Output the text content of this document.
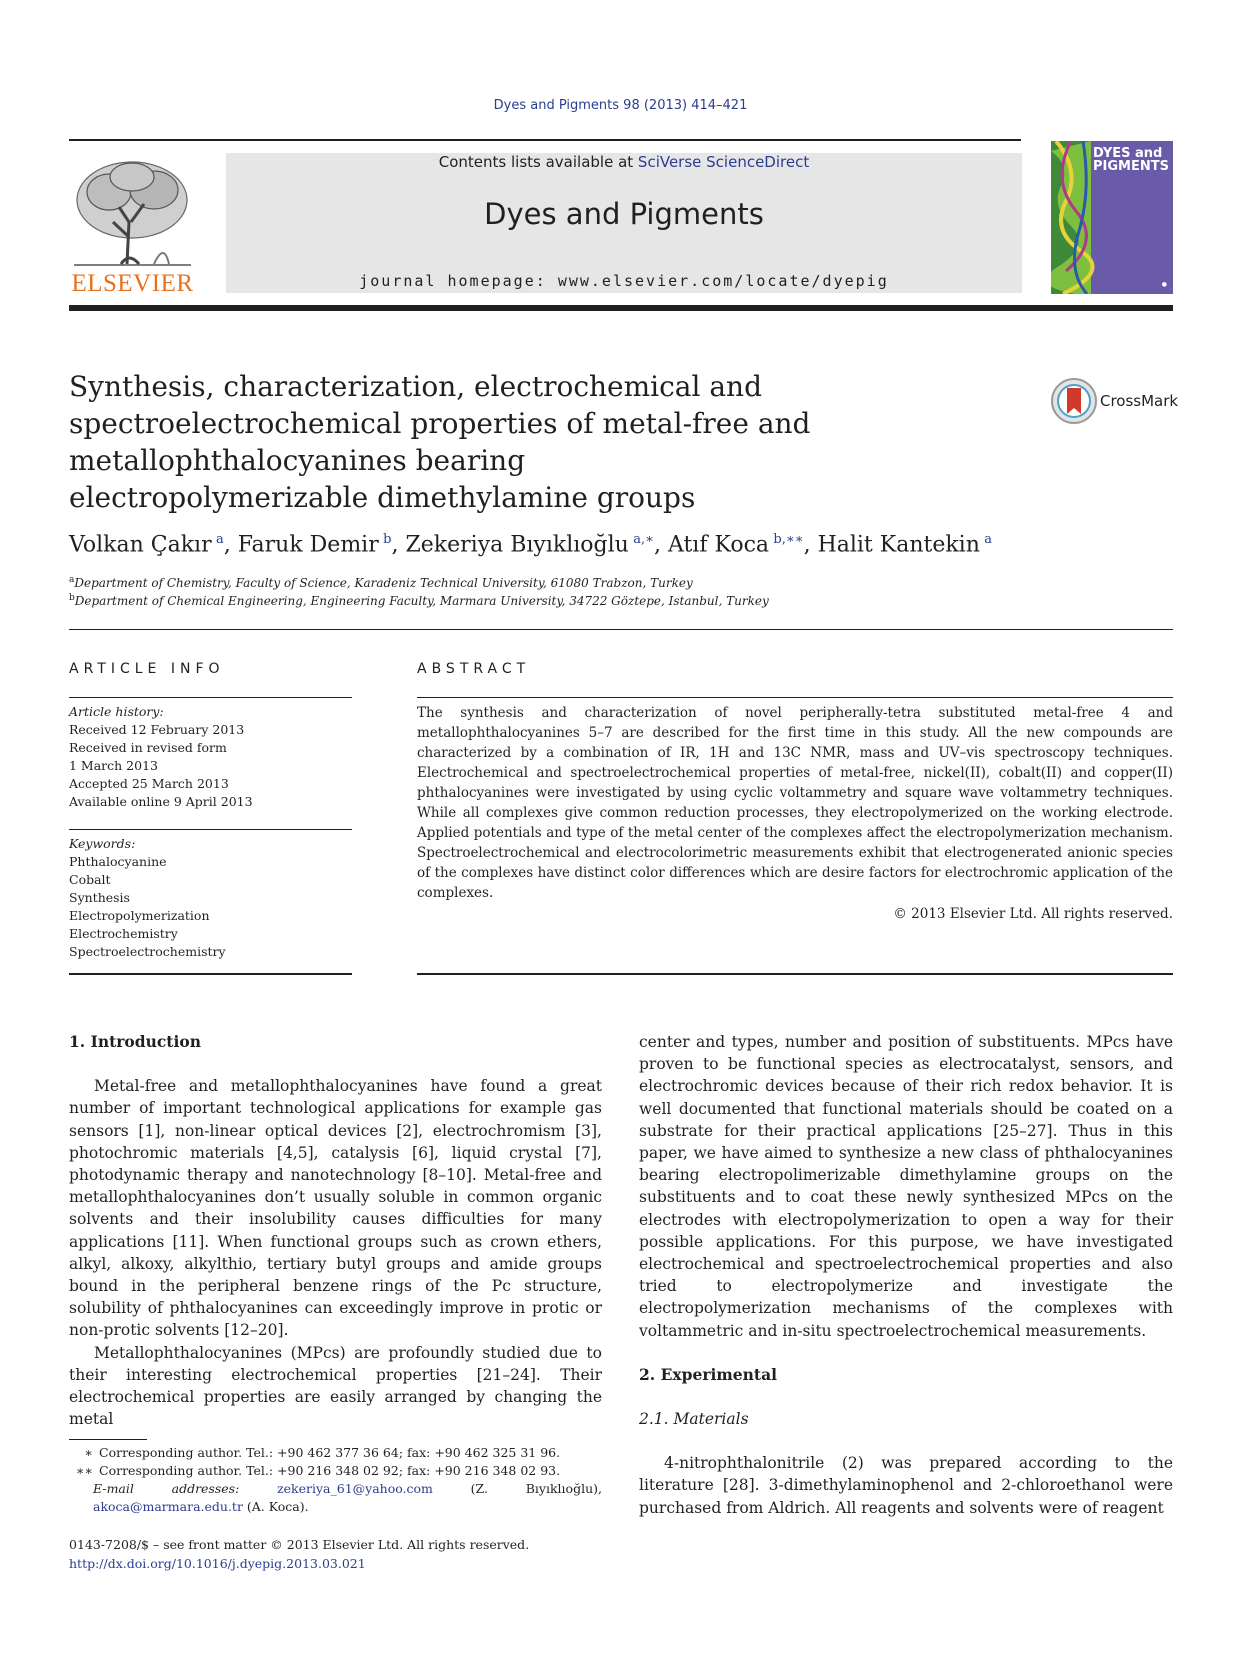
Dyes and Pigments 98 (2013) 414–421
ELSEVIER
Contents lists available at SciVerse ScienceDirect
Dyes and Pigments
journal homepage: www.elsevier.com/locate/dyepig
DYES and PIGMENTS
●
Synthesis, characterization, electrochemical and spectroelectrochemical properties of metal-free and metallophthalocyanines bearing electropolymerizable dimethylamine groups
CrossMark
Volkan Çakır  $^a$, Faruk Demir  $^b$, Zekeriya Bıyıklıoğlu  $^{a,∗}$, Atıf Koca  $^{b,∗∗}$, Halit Kantekin  $^a$
$^a$Department of Chemistry, Faculty of Science, Karadeniz Technical University, 61080 Trabzon, Turkey
$^b$Department of Chemical Engineering, Engineering Faculty, Marmara University, 34722 Göztepe, Istanbul, Turkey
ARTICLE INFO	ABSTRACT
Article history:
Received 12 February 2013
Received in revised form
1 March 2013
Accepted 25 March 2013
Available online 9 April 2013
Keywords:
Phthalocyanine
Cobalt
Synthesis
Electropolymerization
Electrochemistry
Spectroelectrochemistry
The synthesis and characterization of novel peripherally-tetra substituted metal-free 4 and metallophthalocyanines 5–7 are described for the first time in this study. All the new compounds are characterized by a combination of IR, 1H and 13C NMR, mass and UV–vis spectroscopy techniques. Electrochemical and spectroelectrochemical properties of metal-free, nickel(II), cobalt(II) and copper(II) phthalocyanines were investigated by using cyclic voltammetry and square wave voltammetry techniques. While all complexes give common reduction processes, they electropolymerized on the working electrode. Applied potentials and type of the metal center of the complexes affect the electropolymerization mechanism. Spectroelectrochemical and electrocolorimetric measurements exhibit that electrogenerated anionic species of the complexes have distinct color differences which are desire factors for electrochromic application of the complexes.
© 2013 Elsevier Ltd. All rights reserved.

1. Introduction

Metal-free and metallophthalocyanines have found a great number of important technological applications for example gas sensors [1], non-linear optical devices [2], electrochromism [3], photochromic materials [4,5], catalysis [6], liquid crystal [7], photodynamic therapy and nanotechnology [8–10]. Metal-free and metallophthalocyanines don’t usually soluble in common organic solvents and their insolubility causes difficulties for many applications [11]. When functional groups such as crown ethers, alkyl, alkoxy, alkylthio, tertiary butyl groups and amide groups bound in the peripheral benzene rings of the Pc structure, solubility of phthalocyanines can exceedingly improve in protic or non-protic solvents [12–20].

Metallophthalocyanines (MPcs) are profoundly studied due to their interesting electrochemical properties [21–24]. Their electrochemical properties are easily arranged by changing the metal

center and types, number and position of substituents. MPcs have proven to be functional species as electrocatalyst, sensors, and electrochromic devices because of their rich redox behavior. It is well documented that functional materials should be coated on a substrate for their practical applications [25–27]. Thus in this paper, we have aimed to synthesize a new class of phthalocyanines bearing electropolimerizable dimethylamine groups on the substituents and to coat these newly synthesized MPcs on the electrodes with electropolymerization to open a way for their possible applications. For this purpose, we have investigated electrochemical and spectroelectrochemical properties and also tried to electropolymerize and investigate the electropolymerization mechanisms of the complexes with voltammetric and in-situ spectroelectrochemical measurements.

2. Experimental

2.1. Materials

4-nitrophthalonitrile (2) was prepared according to the literature [28]. 3-dimethylaminophenol and 2-chloroethanol were purchased from Aldrich. All reagents and solvents were of reagent

∗ Corresponding author. Tel.: +90 462 377 36 64; fax: +90 462 325 31 96.
∗∗ Corresponding author. Tel.: +90 216 348 02 92; fax: +90 216 348 02 93.
E-mail addresses:	zekeriya_61@yahoo.com	(Z. Bıyıklıoğlu), akoca@marmara.edu.tr (A. Koca).
0143-7208/$ – see front matter © 2013 Elsevier Ltd. All rights reserved.
http://dx.doi.org/10.1016/j.dyepig.2013.03.021
